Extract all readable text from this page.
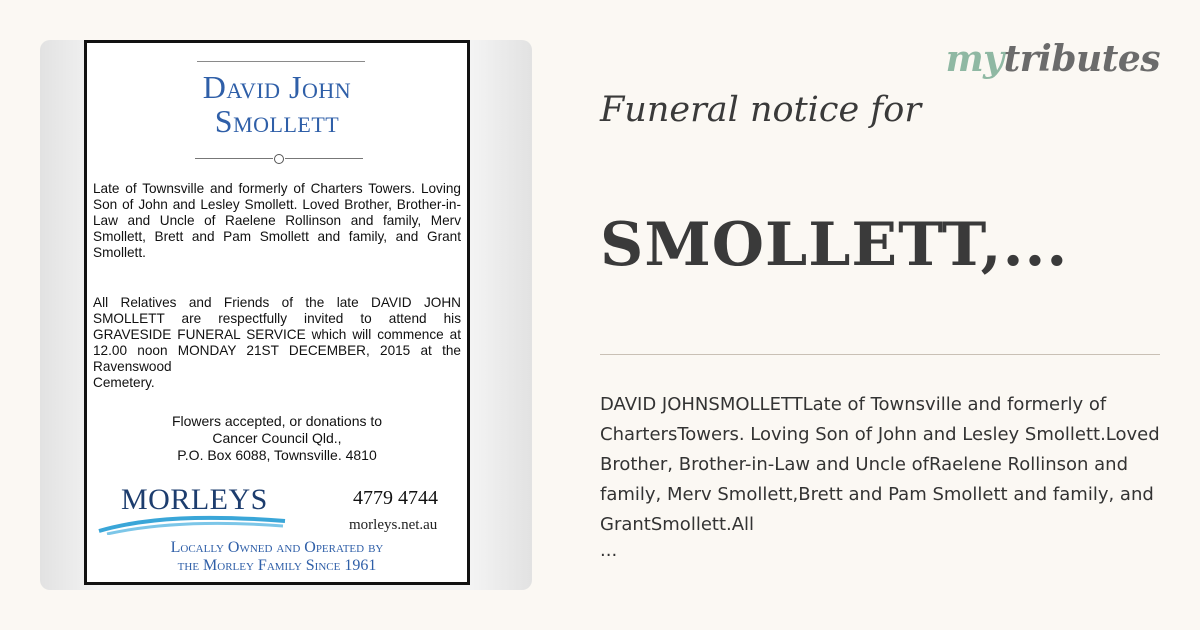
David John
Smollett
Late of Townsville and formerly of Charters Towers. Loving Son of John and Lesley Smollett. Loved Brother, Brother-in-Law and Uncle of Raelene Rollinson and family, Merv Smollett, Brett and Pam Smollett and family, and Grant
Smollett.
All Relatives and Friends of the late DAVID JOHN SMOLLETT are respectfully invited to attend his GRAVESIDE FUNERAL SERVICE which will commence at 12.00 noon MONDAY 21ST DECEMBER, 2015 at the Ravenswood
Cemetery.
Flowers accepted, or donations to
Cancer Council Qld.,
P.O. Box 6088, Townsville. 4810
MORLEYS	4779 4744
morleys.net.au
Locally Owned and Operated by
the Morley Family Since 1961
mytributes
Funeral notice for
SMOLLETT,...
DAVID JOHNSMOLLETTLate of Townsville and formerly of ChartersTowers. Loving Son of John and Lesley Smollett.Loved Brother, Brother-in-Law and Uncle ofRaelene Rollinson and family, Merv Smollett,Brett and Pam Smollett and family, and GrantSmollett.All
...
